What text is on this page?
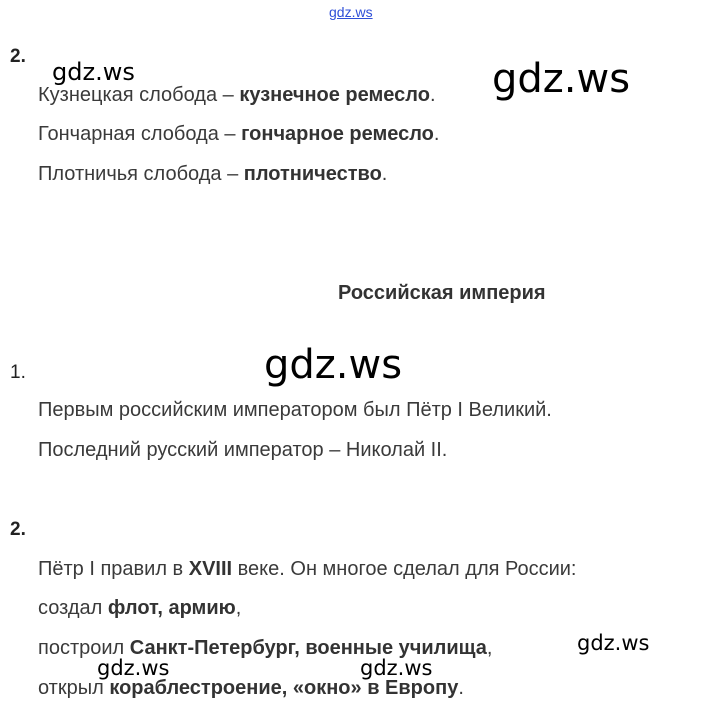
gdz.ws
2.
Кузнецкая слобода – кузнечное ремесло.
Гончарная слобода – гончарное ремесло.
Плотничья слобода – плотничество.
Российская империя
1.
Первым российским императором был Пётр I Великий.
Последний русский император – Николай II.
2.
Пётр I правил в XVIII веке. Он многое сделал для России:
создал флот, армию,
построил Санкт-Петербург, военные училища,
открыл кораблестроение, «окно» в Европу.
gdz.ws	gdz.ws
gdz.ws
gdz.ws
gdz.ws	gdz.ws
